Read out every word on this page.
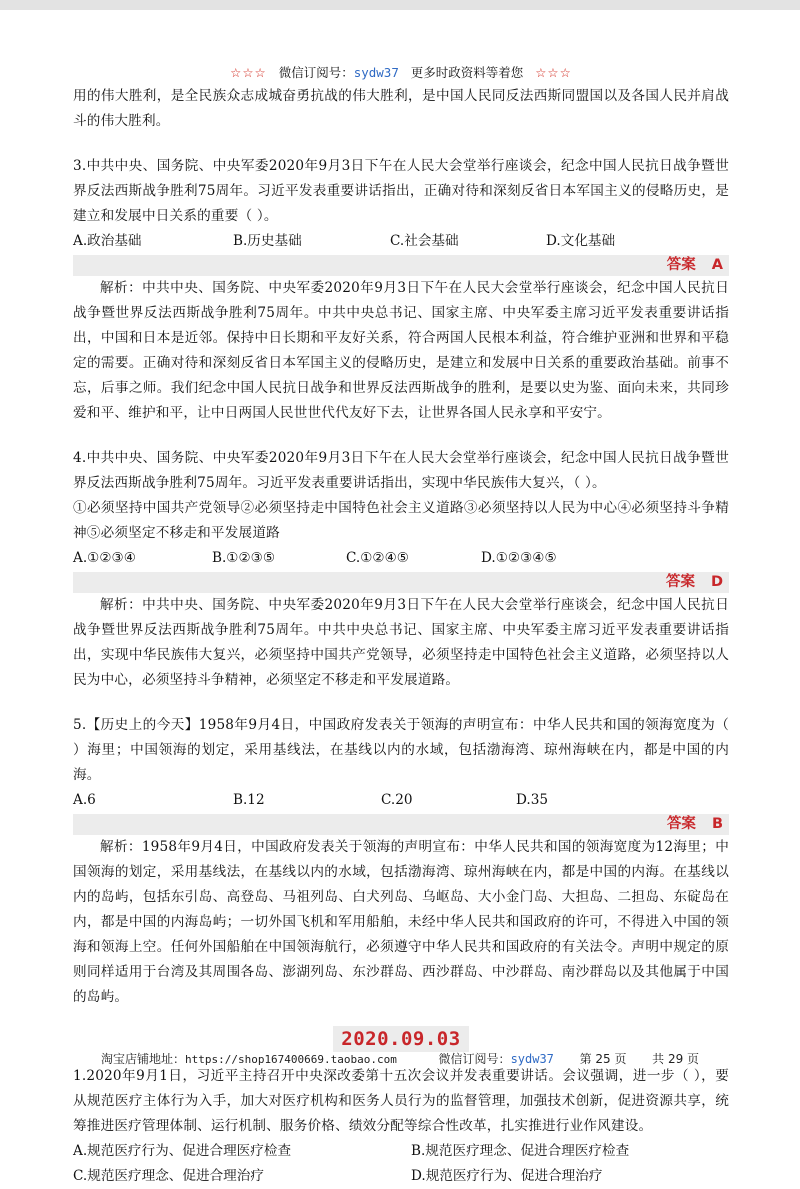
☆☆☆ 微信订阅号：sydw37 更多时政资料等着您 ☆☆☆

用的伟大胜利，是全民族众志成城奋勇抗战的伟大胜利，是中国人民同反法西斯同盟国以及各国人民并肩战斗的伟大胜利。

3.中共中央、国务院、中央军委2020年9月3日下午在人民大会堂举行座谈会，纪念中国人民抗日战争暨世界反法西斯战争胜利75周年。习近平发表重要讲话指出，正确对待和深刻反省日本军国主义的侵略历史，是建立和发展中日关系的重要（ ）。

A.政治基础	B.历史基础	C.社会基础	D.文化基础
答案 A

解析：中共中央、国务院、中央军委2020年9月3日下午在人民大会堂举行座谈会，纪念中国人民抗日战争暨世界反法西斯战争胜利75周年。中共中央总书记、国家主席、中央军委主席习近平发表重要讲话指出，中国和日本是近邻。保持中日长期和平友好关系，符合两国人民根本利益，符合维护亚洲和世界和平稳定的需要。正确对待和深刻反省日本军国主义的侵略历史，是建立和发展中日关系的重要政治基础。前事不忘，后事之师。我们纪念中国人民抗日战争和世界反法西斯战争的胜利，是要以史为鉴、面向未来，共同珍爱和平、维护和平，让中日两国人民世世代代友好下去，让世界各国人民永享和平安宁。

4.中共中央、国务院、中央军委2020年9月3日下午在人民大会堂举行座谈会，纪念中国人民抗日战争暨世界反法西斯战争胜利75周年。习近平发表重要讲话指出，实现中华民族伟大复兴，（ ）。

①必须坚持中国共产党领导②必须坚持走中国特色社会主义道路③必须坚持以人民为中心④必须坚持斗争精神⑤必须坚定不移走和平发展道路

A.①②③④	B.①②③⑤	C.①②④⑤	D.①②③④⑤
答案 D

解析：中共中央、国务院、中央军委2020年9月3日下午在人民大会堂举行座谈会，纪念中国人民抗日战争暨世界反法西斯战争胜利75周年。中共中央总书记、国家主席、中央军委主席习近平发表重要讲话指出，实现中华民族伟大复兴，必须坚持中国共产党领导，必须坚持走中国特色社会主义道路，必须坚持以人民为中心，必须坚持斗争精神，必须坚定不移走和平发展道路。

5.【历史上的今天】1958年9月4日，中国政府发表关于领海的声明宣布：中华人民共和国的领海宽度为（ ）海里；中国领海的划定，采用基线法，在基线以内的水域，包括渤海湾、琼州海峡在内，都是中国的内海。

A.6	B.12	C.20	D.35
答案 B

解析：1958年9月4日，中国政府发表关于领海的声明宣布：中华人民共和国的领海宽度为12海里；中国领海的划定，采用基线法，在基线以内的水域，包括渤海湾、琼州海峡在内，都是中国的内海。在基线以内的岛屿，包括东引岛、高登岛、马祖列岛、白犬列岛、乌岖岛、大小金门岛、大担岛、二担岛、东碇岛在内，都是中国的内海岛屿；一切外国飞机和军用船舶，未经中华人民共和国政府的许可，不得进入中国的领海和领海上空。任何外国船舶在中国领海航行，必须遵守中华人民共和国政府的有关法令。声明中规定的原则同样适用于台湾及其周围各岛、澎湖列岛、东沙群岛、西沙群岛、中沙群岛、南沙群岛以及其他属于中国的岛屿。

2020.09.03

1.2020年9月1日，习近平主持召开中央深改委第十五次会议并发表重要讲话。会议强调，进一步（ ），要从规范医疗主体行为入手，加大对医疗机构和医务人员行为的监督管理，加强技术创新，促进资源共享，统筹推进医疗管理体制、运行机制、服务价格、绩效分配等综合性改革，扎实推进行业作风建设。

A.规范医疗行为、促进合理医疗检查	B.规范医疗理念、促进合理医疗检查
C.规范医疗理念、促进合理治疗	D.规范医疗行为、促进合理治疗
淘宝店铺地址：https://shop167400669.taobao.com	微信订阅号：sydw37 第 25 页 共 29 页
